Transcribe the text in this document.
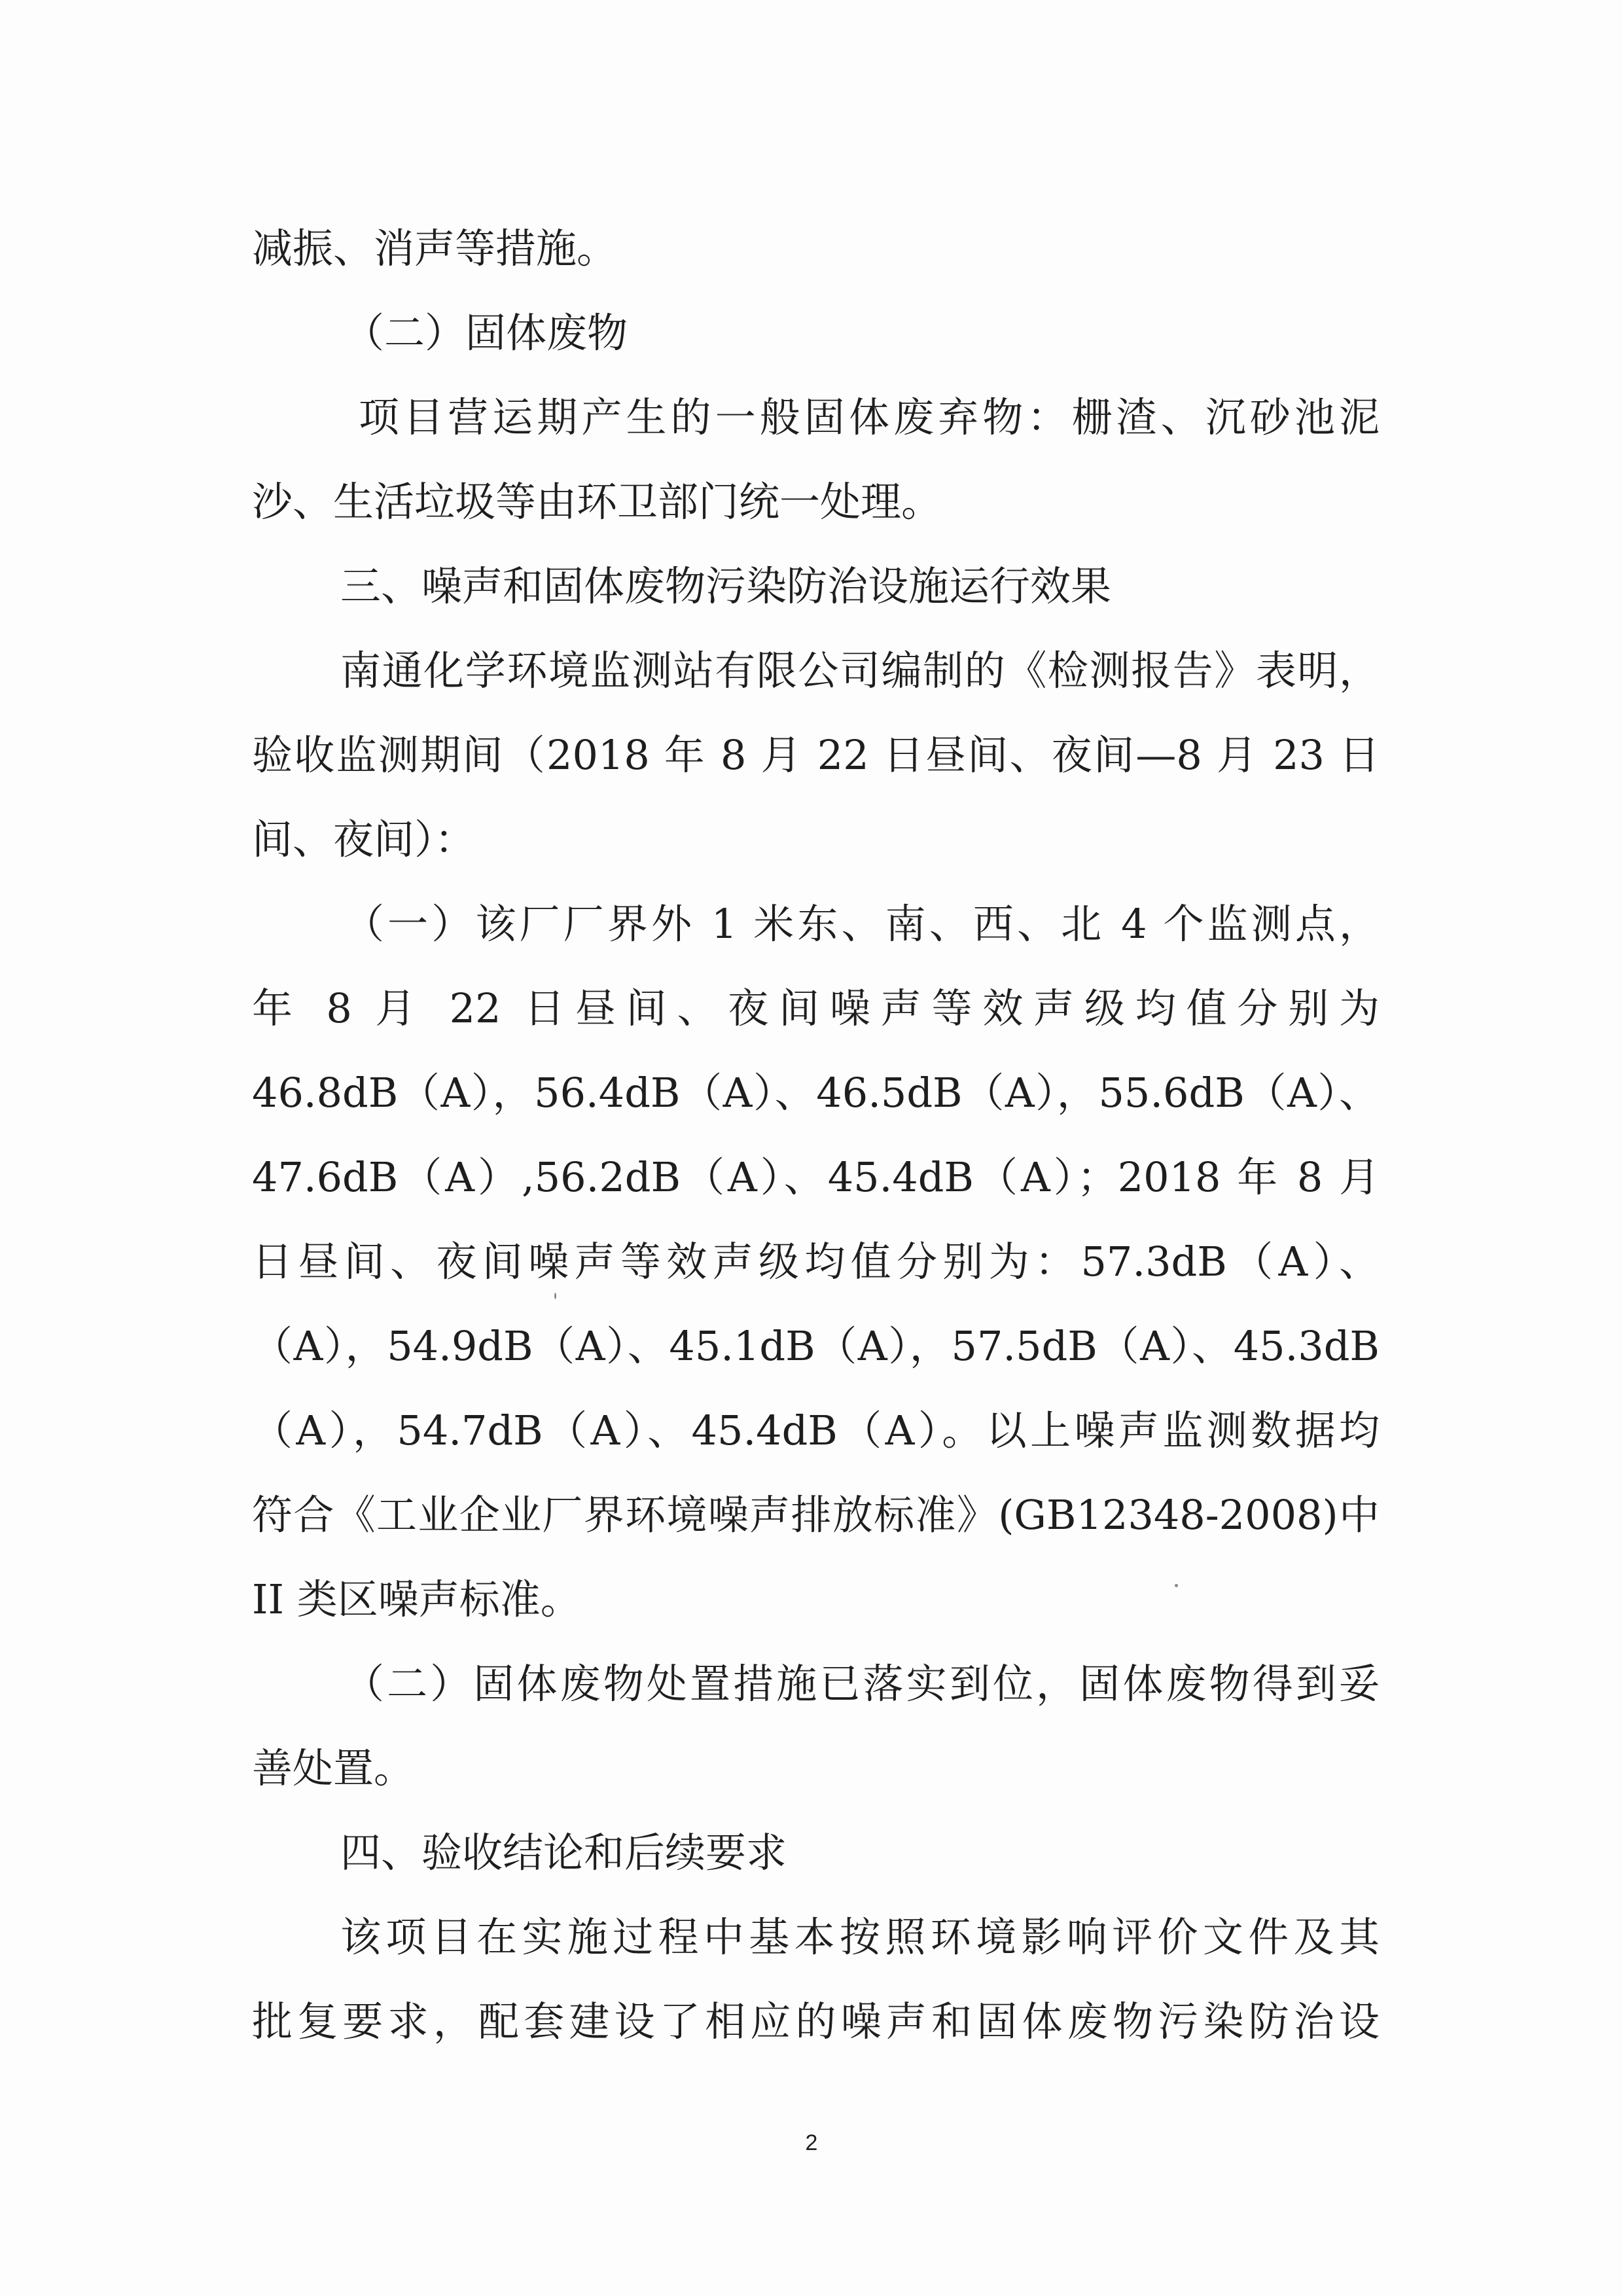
减振、消声等措施。
（二）固体废物
项目营运期产生的一般固体废弃物：栅渣、沉砂池泥
沙、生活垃圾等由环卫部门统一处理。
三、噪声和固体废物污染防治设施运行效果
南通化学环境监测站有限公司编制的《检测报告》表明，
验收监测期间（2018 年 8 月 22 日昼间、夜间—8 月 23 日
间、夜间）：
（一）该厂厂界外 1 米东、南、西、北 4 个监测点，
年 8 月 22 日昼间、夜间噪声等效声级均值分别为
46.8dB（A），56.4dB（A）、46.5dB（A），55.6dB（A）、
47.6dB（A）,56.2dB（A）、45.4dB（A）；2018 年 8 月
日昼间、夜间噪声等效声级均值分别为：57.3dB（A）、
（A），54.9dB（A）、45.1dB（A），57.5dB（A）、45.3dB
（A），54.7dB（A）、45.4dB（A）。以上噪声监测数据均
符合《工业企业厂界环境噪声排放标准》(GB12348-2008)中
II 类区噪声标准。
（二）固体废物处置措施已落实到位，固体废物得到妥
善处置。
四、验收结论和后续要求
该项目在实施过程中基本按照环境影响评价文件及其
批复要求，配套建设了相应的噪声和固体废物污染防治设
2
